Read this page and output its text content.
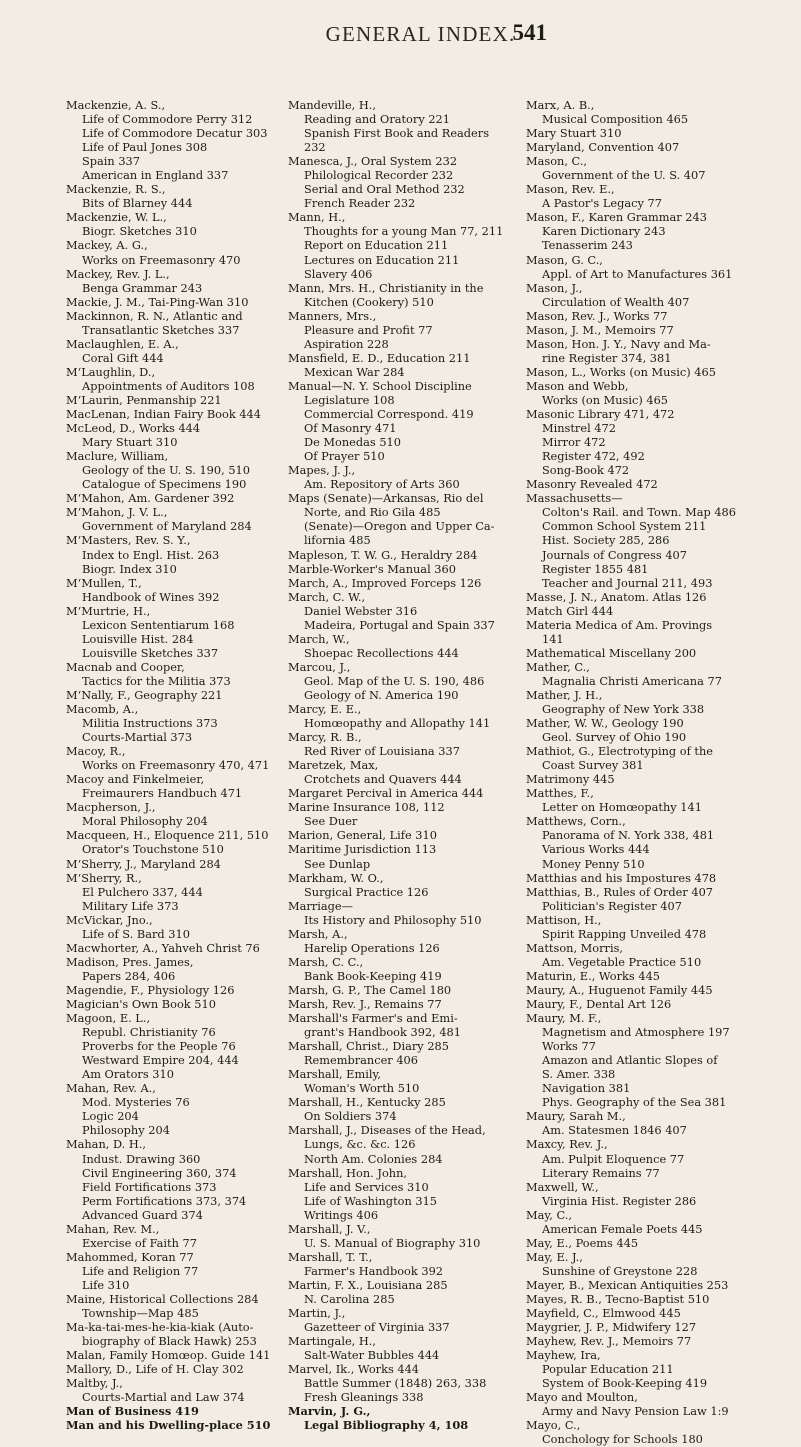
GENERAL INDEX.
541
Mackenzie, A. S.,
Life of Commodore Perry 312
Life of Commodore Decatur 303
Life of Paul Jones 308
Spain 337
American in England 337
Mackenzie, R. S.,
Bits of Blarney 444
Mackenzie, W. L.,
Biogr. Sketches 310
Mackey, A. G.,
Works on Freemasonry 470
Mackey, Rev. J. L.,
Benga Grammar 243
Mackie, J. M., Tai-Ping-Wan 310
Mackinnon, R. N., Atlantic and
Transatlantic Sketches 337
Maclaughlen, E. A.,
Coral Gift 444
M‘Laughlin, D.,
Appointments of Auditors 108
M‘Laurin, Penmanship 221
MacLenan, Indian Fairy Book 444
McLeod, D., Works 444
Mary Stuart 310
Maclure, William,
Geology of the U. S. 190, 510
Catalogue of Specimens 190
M‘Mahon, Am. Gardener 392
M‘Mahon, J. V. L.,
Government of Maryland 284
M‘Masters, Rev. S. Y.,
Index to Engl. Hist. 263
Biogr. Index 310
M‘Mullen, T.,
Handbook of Wines 392
M‘Murtrie, H.,
Lexicon Sententiarum 168
Louisville Hist. 284
Louisville Sketches 337
Macnab and Cooper,
Tactics for the Militia 373
M‘Nally, F., Geography 221
Macomb, A.,
Militia Instructions 373
Courts-Martial 373
Macoy, R.,
Works on Freemasonry 470, 471
Macoy and Finkelmeier,
Freimaurers Handbuch 471
Macpherson, J.,
Moral Philosophy 204
Macqueen, H., Eloquence 211, 510
Orator's Touchstone 510
M‘Sherry, J., Maryland 284
M‘Sherry, R.,
El Pulchero 337, 444
Military Life 373
McVickar, Jno.,
Life of S. Bard 310
Macwhorter, A., Yahveh Christ 76
Madison, Pres. James,
Papers 284, 406
Magendie, F., Physiology 126
Magician's Own Book 510
Magoon, E. L.,
Republ. Christianity 76
Proverbs for the People 76
Westward Empire 204, 444
Am Orators 310
Mahan, Rev. A.,
Mod. Mysteries 76
Logic 204
Philosophy 204
Mahan, D. H.,
Indust. Drawing 360
Civil Engineering 360, 374
Field Fortifications 373
Perm Fortifications 373, 374
Advanced Guard 374
Mahan, Rev. M.,
Exercise of Faith 77
Mahommed, Koran 77
Life and Religion 77
Life 310
Maine, Historical Collections 284
Township—Map 485
Ma-ka-tai-mes-he-kia-kiak (Auto-
biography of Black Hawk) 253
Malan, Family Homœop. Guide 141
Mallory, D., Life of H. Clay 302
Maltby, J.,
Courts-Martial and Law 374
Man of Business 419
Man and his Dwelling-place 510
Mandeville, H.,
Reading and Oratory 221
Spanish First Book and Readers
232
Manesca, J., Oral System 232
Philological Recorder 232
Serial and Oral Method 232
French Reader 232
Mann, H.,
Thoughts for a young Man 77, 211
Report on Education 211
Lectures on Education 211
Slavery 406
Mann, Mrs. H., Christianity in the
Kitchen (Cookery) 510
Manners, Mrs.,
Pleasure and Profit 77
Aspiration 228
Mansfield, E. D., Education 211
Mexican War 284
Manual—N. Y. School Discipline
Legislature 108
Commercial Correspond. 419
Of Masonry 471
De Monedas 510
Of Prayer 510
Mapes, J. J.,
Am. Repository of Arts 360
Maps (Senate)—Arkansas, Rio del
Norte, and Rio Gila 485
(Senate)—Oregon and Upper Ca-
lifornia 485
Mapleson, T. W. G., Heraldry 284
Marble-Worker's Manual 360
March, A., Improved Forceps 126
March, C. W.,
Daniel Webster 316
Madeira, Portugal and Spain 337
March, W.,
Shoepac Recollections 444
Marcou, J.,
Geol. Map of the U. S. 190, 486
Geology of N. America 190
Marcy, E. E.,
Homœopathy and Allopathy 141
Marcy, R. B.,
Red River of Louisiana 337
Maretzek, Max,
Crotchets and Quavers 444
Margaret Percival in America 444
Marine Insurance 108, 112
See Duer
Marion, General, Life 310
Maritime Jurisdiction 113
See Dunlap
Markham, W. O.,
Surgical Practice 126
Marriage—
Its History and Philosophy 510
Marsh, A.,
Harelip Operations 126
Marsh, C. C.,
Bank Book-Keeping 419
Marsh, G. P., The Camel 180
Marsh, Rev. J., Remains 77
Marshall's Farmer's and Emi-
grant's Handbook 392, 481
Marshall, Christ., Diary 285
Remembrancer 406
Marshall, Emily,
Woman's Worth 510
Marshall, H., Kentucky 285
On Soldiers 374
Marshall, J., Diseases of the Head,
Lungs, &c. &c. 126
North Am. Colonies 284
Marshall, Hon. John,
Life and Services 310
Life of Washington 315
Writings 406
Marshall, J. V.,
U. S. Manual of Biography 310
Marshall, T. T.,
Farmer's Handbook 392
Martin, F. X., Louisiana 285
N. Carolina 285
Martin, J.,
Gazetteer of Virginia 337
Martingale, H.,
Salt-Water Bubbles 444
Marvel, Ik., Works 444
Battle Summer (1848) 263, 338
Fresh Gleanings 338
Marvin, J. G.,
Legal Bibliography 4, 108
Marx, A. B.,
Musical Composition 465
Mary Stuart 310
Maryland, Convention 407
Mason, C.,
Government of the U. S. 407
Mason, Rev. E.,
A Pastor's Legacy 77
Mason, F., Karen Grammar 243
Karen Dictionary 243
Tenasserim 243
Mason, G. C.,
Appl. of Art to Manufactures 361
Mason, J.,
Circulation of Wealth 407
Mason, Rev. J., Works 77
Mason, J. M., Memoirs 77
Mason, Hon. J. Y., Navy and Ma-
rine Register 374, 381
Mason, L., Works (on Music) 465
Mason and Webb,
Works (on Music) 465
Masonic Library 471, 472
Minstrel 472
Mirror 472
Register 472, 492
Song-Book 472
Masonry Revealed 472
Massachusetts—
Colton's Rail. and Town. Map 486
Common School System 211
Hist. Society 285, 286
Journals of Congress 407
Register 1855 481
Teacher and Journal 211, 493
Masse, J. N., Anatom. Atlas 126
Match Girl 444
Materia Medica of Am. Provings
141
Mathematical Miscellany 200
Mather, C.,
Magnalia Christi Americana 77
Mather, J. H.,
Geography of New York 338
Mather, W. W., Geology 190
Geol. Survey of Ohio 190
Mathiot, G., Electrotyping of the
Coast Survey 381
Matrimony 445
Matthes, F.,
Letter on Homœopathy 141
Matthews, Corn.,
Panorama of N. York 338, 481
Various Works 444
Money Penny 510
Matthias and his Impostures 478
Matthias, B., Rules of Order 407
Politician's Register 407
Mattison, H.,
Spirit Rapping Unveiled 478
Mattson, Morris,
Am. Vegetable Practice 510
Maturin, E., Works 445
Maury, A., Huguenot Family 445
Maury, F., Dental Art 126
Maury, M. F.,
Magnetism and Atmosphere 197
Works 77
Amazon and Atlantic Slopes of
S. Amer. 338
Navigation 381
Phys. Geography of the Sea 381
Maury, Sarah M.,
Am. Statesmen 1846 407
Maxcy, Rev. J.,
Am. Pulpit Eloquence 77
Literary Remains 77
Maxwell, W.,
Virginia Hist. Register 286
May, C.,
American Female Poets 445
May, E., Poems 445
May, E. J.,
Sunshine of Greystone 228
Mayer, B., Mexican Antiquities 253
Mayes, R. B., Tecno-Baptist 510
Mayfield, C., Elmwood 445
Maygrier, J. P., Midwifery 127
Mayhew, Rev. J., Memoirs 77
Mayhew, Ira,
Popular Education 211
System of Book-Keeping 419
Mayo and Moulton,
Army and Navy Pension Law 1:9
Mayo, C.,
Conchology for Schools 180
